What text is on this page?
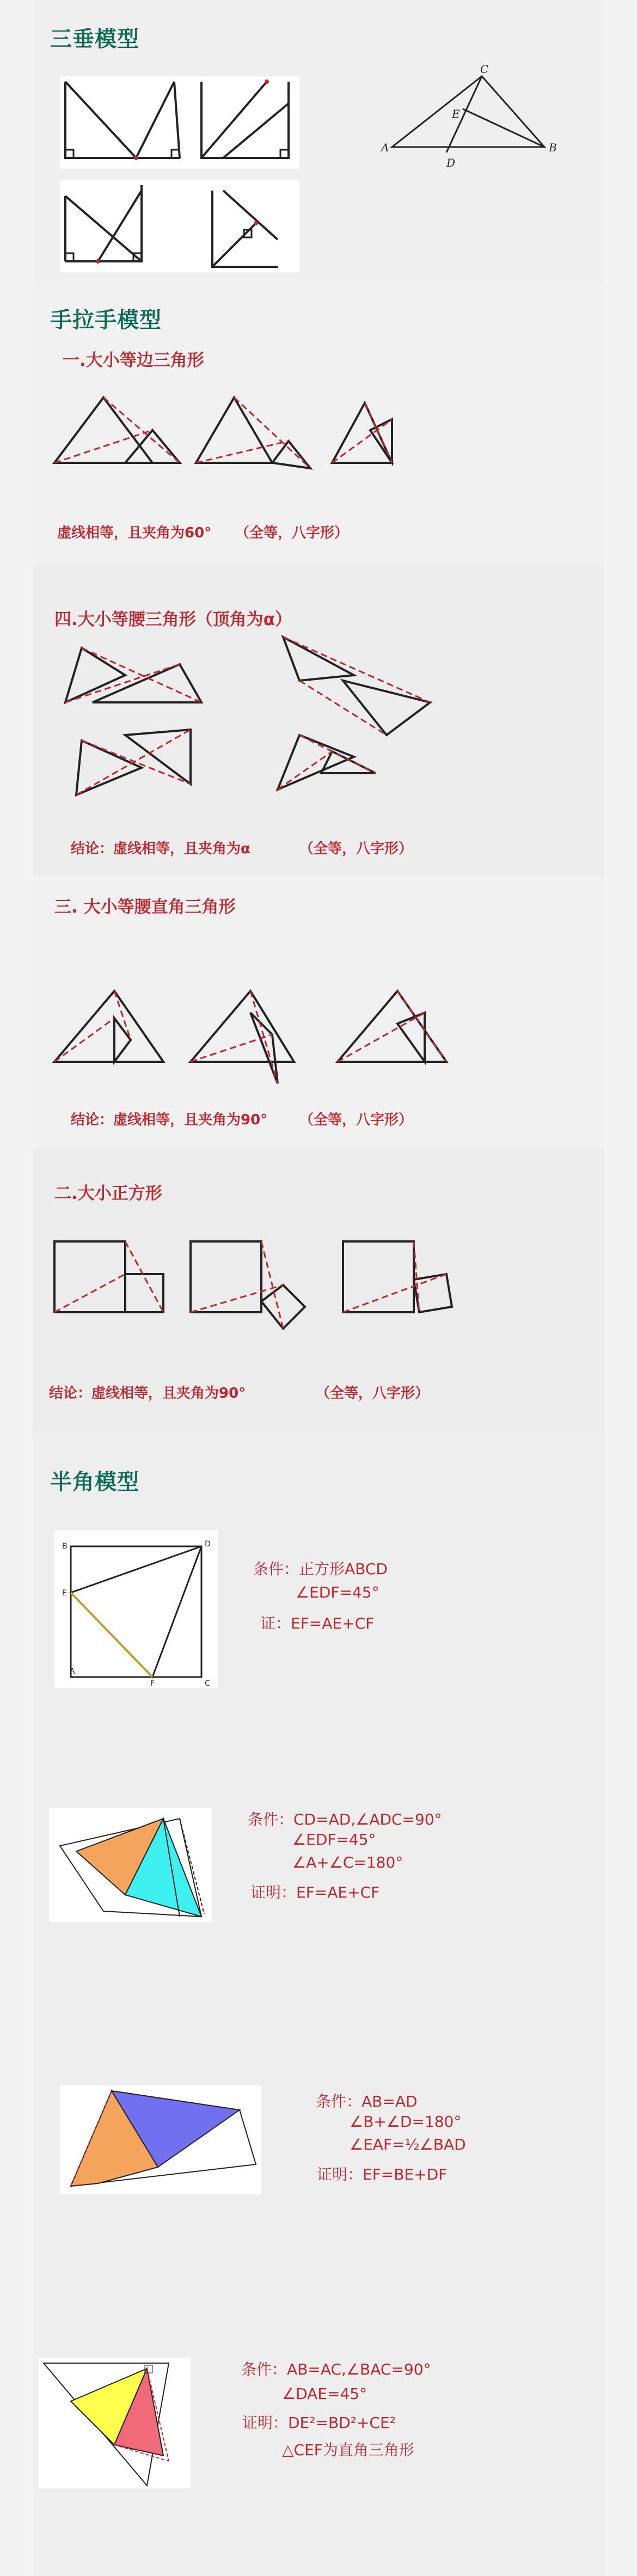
三垂模型
A	B
C
D
E
手拉手模型
一.大小等边三角形
虚线相等，且夹角为60° （全等，八字形）
四.大小等腰三角形（顶角为α）
结论：虚线相等，且夹角为α	（全等，八字形）
三. 大小等腰直角三角形
结论：虚线相等，且夹角为90° （全等，八字形）
二.大小正方形
结论：虚线相等，且夹角为90°	（全等，八字形）
半角模型
A
E
B	D
F	C
条件：正方形ABCD
∠EDF=45°
证：EF=AE+CF
条件：CD=AD,∠ADC=90°
∠EDF=45°
∠A+∠C=180°
证明：EF=AE+CF
条件：AB=AD
∠B+∠D=180°
∠EAF=½∠BAD
证明：EF=BE+DF
条件：AB=AC,∠BAC=90°
∠DAE=45°
证明：DE²=BD²+CE²
△CEF为直角三角形
